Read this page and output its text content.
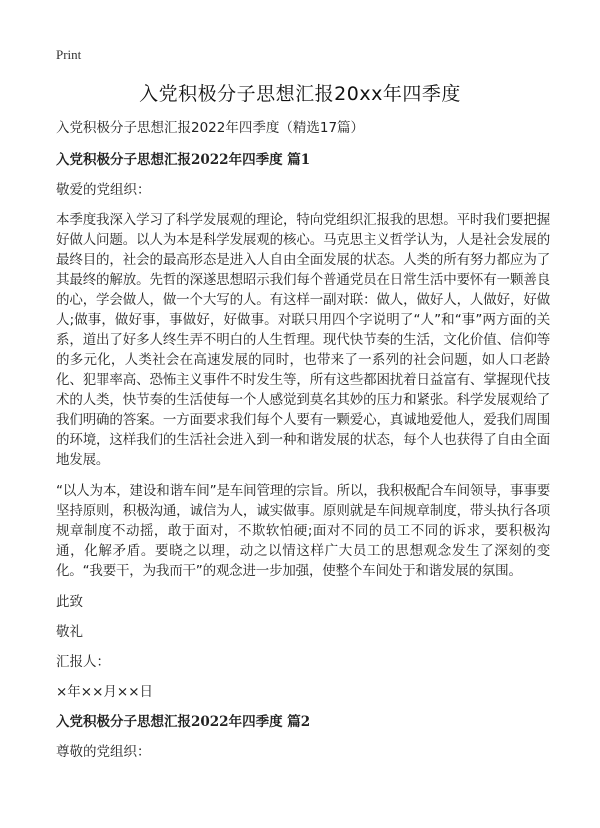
Print
入党积极分子思想汇报20xx年四季度
入党积极分子思想汇报2022年四季度（精选17篇）
入党积极分子思想汇报2022年四季度 篇1
敬爱的党组织：
本季度我深入学习了科学发展观的理论，特向党组织汇报我的思想。平时我们要把握好做人问题。以人为本是科学发展观的核心。马克思主义哲学认为，人是社会发展的最终目的，社会的最高形态是进入人自由全面发展的状态。人类的所有努力都应为了其最终的解放。先哲的深遂思想昭示我们每个普通党员在日常生活中要怀有一颗善良的心，学会做人，做一个大写的人。有这样一副对联：做人，做好人，人做好，好做人;做事，做好事，事做好，好做事。对联只用四个字说明了“人”和“事”两方面的关系，道出了好多人终生弄不明白的人生哲理。现代快节奏的生活，文化价值、信仰等的多元化，人类社会在高速发展的同时，也带来了一系列的社会问题，如人口老龄化、犯罪率高、恐怖主义事件不时发生等，所有这些都困扰着日益富有、掌握现代技术的人类，快节奏的生活使每一个人感觉到莫名其妙的压力和紧张。科学发展观给了我们明确的答案。一方面要求我们每个人要有一颗爱心，真诚地爱他人，爱我们周围的环境，这样我们的生活社会进入到一种和谐发展的状态，每个人也获得了自由全面地发展。
“以人为本，建设和谐车间”是车间管理的宗旨。所以，我积极配合车间领导，事事要坚持原则，积极沟通，诚信为人，诚实做事。原则就是车间规章制度，带头执行各项规章制度不动摇，敢于面对，不欺软怕硬;面对不同的员工不同的诉求，要积极沟通，化解矛盾。要晓之以理，动之以情这样广大员工的思想观念发生了深刻的变化。“我要干，为我而干”的观念进一步加强，使整个车间处于和谐发展的氛围。
此致
敬礼
汇报人：
×年××月××日
入党积极分子思想汇报2022年四季度 篇2
尊敬的党组织：
